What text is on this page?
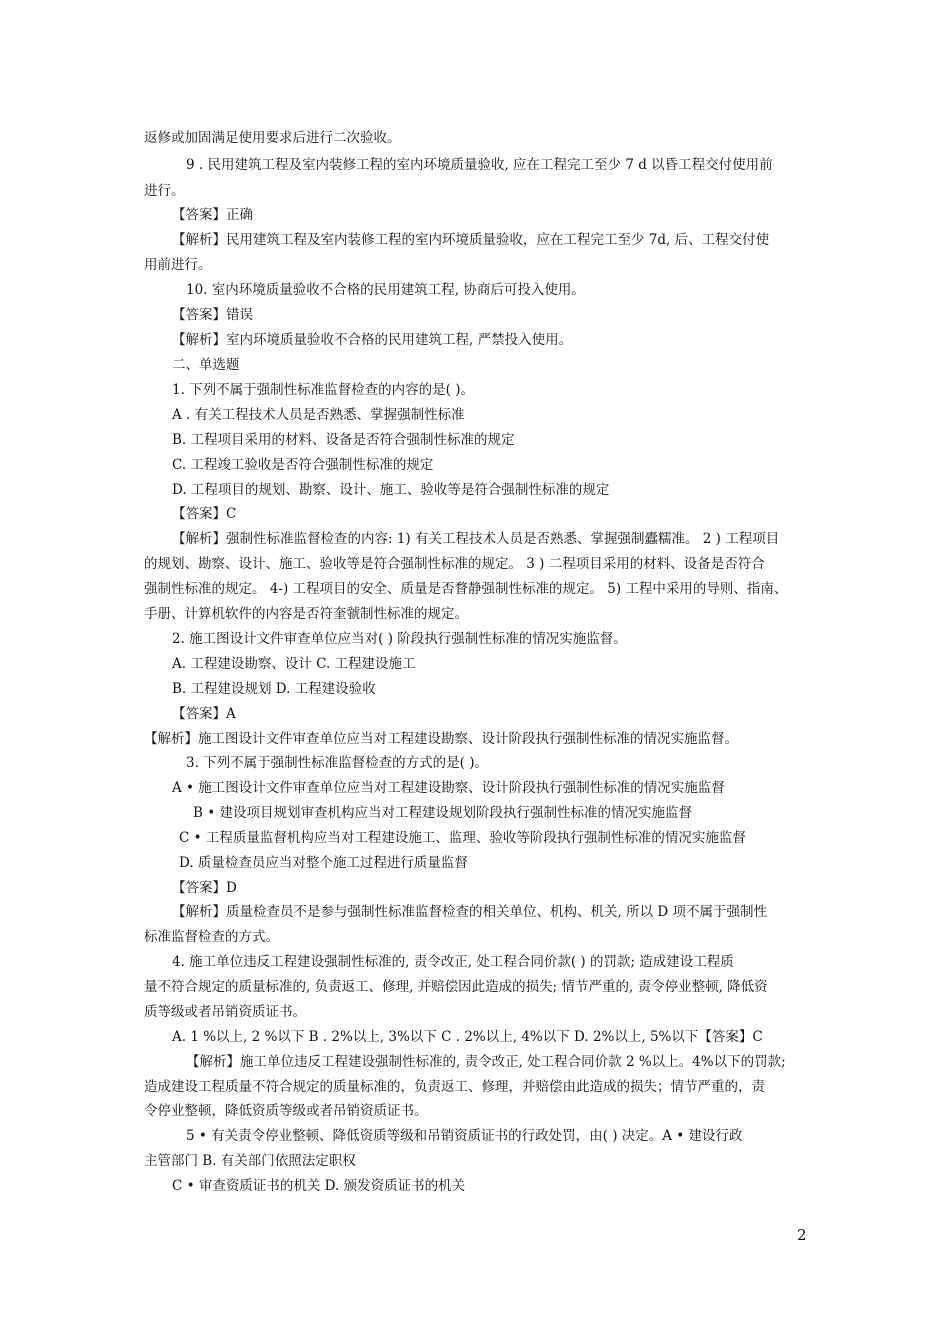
返修或加固满足使用要求后进行二次验收。
9 . 民用建筑工程及室内装修工程的室内环境质量验收, 应在工程完工至少 7 d 以昏工程交付使用前
进行。
【答案】正确
【解析】民用建筑工程及室内装修工程的室内环境质量验收，应在工程完工至少 7d, 后、工程交付使
用前进行。
10. 室内环境质量验收不合格的民用建筑工程, 协商后可投入使用。
【答案】错误
【解析】室内环境质量验收不合格的民用建筑工程, 严禁投入使用。
二、单选题
1. 下列不属于强制性标准监督检查的内容的是( )。
A . 有关工程技术人员是否熟悉、掌握强制性标准
B. 工程项目采用的材料、设备是否符合强制性标准的规定
C. 工程竣工验收是否符合强制性标准的规定
D. 工程项目的规划、勘察、设计、施工、验收等是符合强制性标准的规定
【答案】C
【解析】强制性标准监督检查的内容: 1) 有关工程技术人员是否熟悉、掌握强制蠹糯准。 2 ) 工程项目
的规划、勘察、设计、施工、验收等是符合强制性标准的规定。 3 ) 二程项目采用的材料、设备是否符合
强制性标准的规定。 4-) 工程项目的安全、质量是否瞀静强制性标准的规定。 5) 工程中采用的导则、指南、
手册、计算机软件的内容是否符奎虢制性标准的规定。
2. 施工图设计文件审查单位应当对( ) 阶段执行强制性标准的情况实施监督。
A. 工程建设勘察、设计 C. 工程建设施工
B. 工程建设规划 D. 工程建设验收
【答案】A
【解析】施工图设计文件审查单位应当对工程建设勘察、设计阶段执行强制性标准的情况实施监督。
3. 下列不属于强制性标准监督检查的方式的是( )。
A • 施工图设计文件审查单位应当对工程建设勘察、设计阶段执行强制性标准的情况实施监督
B • 建设项目规划审查机构应当对工程建设规划阶段执行强制性标准的情况实施监督
C • 工程质量监督机构应当对工程建设施工、监理、验收等阶段执行强制性标准的情况实施监督
D. 质量检查员应当对整个施工过程进行质量监督
【答案】D
【解析】质量检查员不是参与强制性标准监督检查的相关单位、机构、机关, 所以 D 项不属于强制性
标准监督检查的方式。
4. 施工单位违反工程建设强制性标准的, 责令改正, 处工程合同价款( ) 的罚款; 造成建设工程质
量不符合规定的质量标准的, 负责返工、修理, 并赔偿因此造成的损失; 情节严重的, 责令停业整顿, 降低资
质等级或者吊销资质证书。
A. 1 %以上, 2 %以下 B . 2%以上, 3%以下 C . 2%以上, 4%以下 D. 2%以上, 5%以下【答案】C
【解析】施工单位违反工程建设强制性标准的, 责令改正, 处工程合同价款 2 %以上。4%以下的罚款;
造成建设工程质量不符合规定的质量标准的，负责返工、修理，并赔偿由此造成的损失；情节严重的，责
令停业整顿，降低资质等级或者吊销资质证书。
5 • 有关责令停业整顿、降低资质等级和吊销资质证书的行政处罚，由( ) 决定。A • 建设行政
主管部门 B. 有关部门依照法定职权
C • 审查资质证书的机关 D. 颁发资质证书的机关
2
